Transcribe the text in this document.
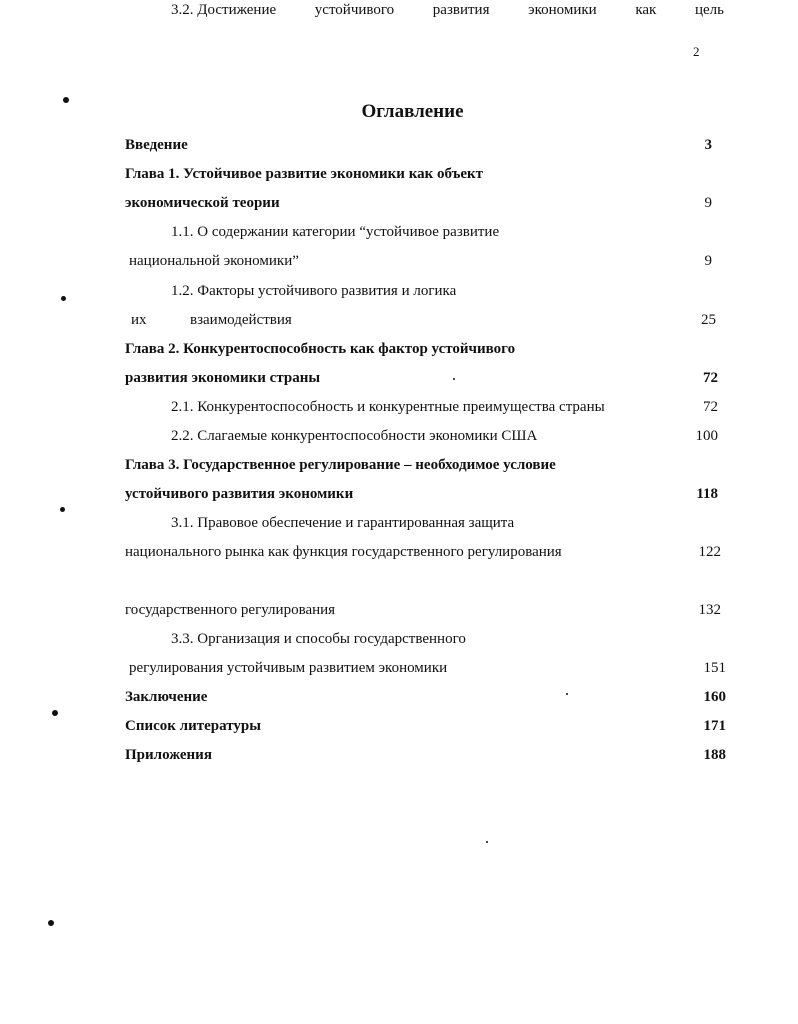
2
Оглавление
Введение	3
Глава 1. Устойчивое развитие экономики как объект
экономической теории	9
1.1. О содержании категории “устойчивое развитие
национальной экономики”	9
1.2. Факторы устойчивого развития и логика
их	взаимодействия	25
Глава 2. Конкурентоспособность как фактор устойчивого
развития экономики страны	72
2.1. Конкурентоспособность и конкурентные преимущества страны	72
2.2. Слагаемые конкурентоспособности экономики США	100
Глава 3. Государственное регулирование – необходимое условие
устойчивого развития экономики	118
3.1. Правовое обеспечение и гарантированная защита
национального рынка как функция государственного регулирования	122
3.2. Достижение	устойчивого	развития	экономики	как	цель
государственного регулирования	132
3.3. Организация и способы государственного
регулирования устойчивым развитием экономики	151
Заключение	160
Список литературы	171
Приложения	188
